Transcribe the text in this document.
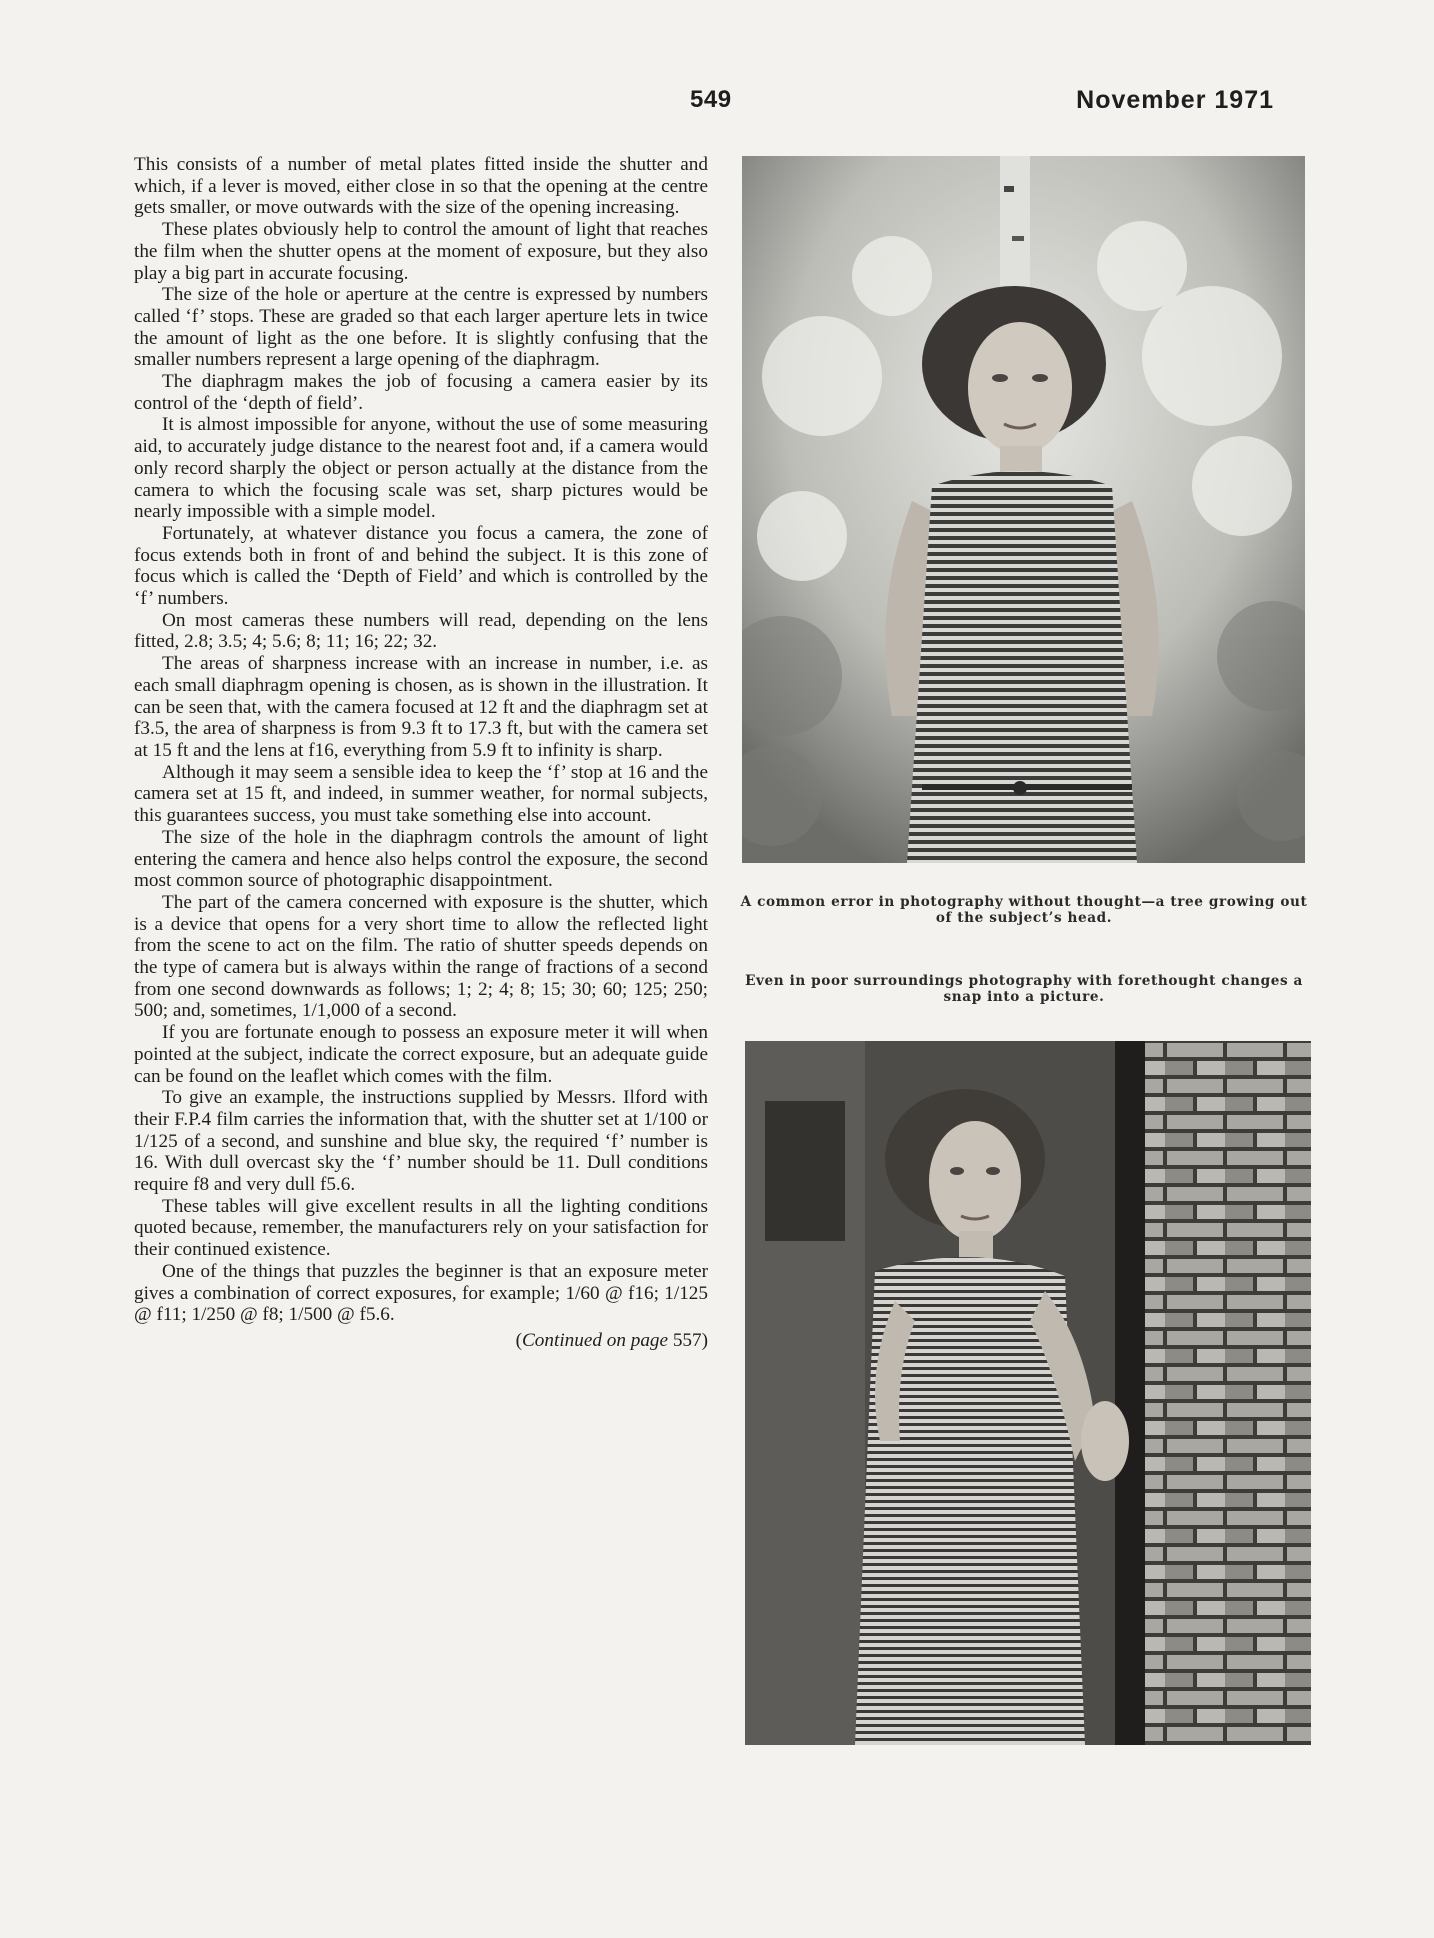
549	November 1971

This consists of a number of metal plates fitted inside the shutter and which, if a lever is moved, either close in so that the opening at the centre gets smaller, or move outwards with the size of the opening increasing.

These plates obviously help to control the amount of light that reaches the film when the shutter opens at the moment of exposure, but they also play a big part in accurate focusing.

The size of the hole or aperture at the centre is expressed by numbers called ‘f’ stops. These are graded so that each larger aperture lets in twice the amount of light as the one before. It is slightly confusing that the smaller numbers represent a large opening of the diaphragm.

The diaphragm makes the job of focusing a camera easier by its control of the ‘depth of field’.

It is almost impossible for anyone, without the use of some measuring aid, to accurately judge distance to the nearest foot and, if a camera would only record sharply the object or person actually at the distance from the camera to which the focusing scale was set, sharp pictures would be nearly impossible with a simple model.

Fortunately, at whatever distance you focus a camera, the zone of focus extends both in front of and behind the subject. It is this zone of focus which is called the ‘Depth of Field’ and which is controlled by the ‘f’ numbers.

On most cameras these numbers will read, depending on the lens fitted, 2.8; 3.5; 4; 5.6; 8; 11; 16; 22; 32.

The areas of sharpness increase with an increase in number, i.e. as each small diaphragm opening is chosen, as is shown in the illustration. It can be seen that, with the camera focused at 12 ft and the diaphragm set at f3.5, the area of sharpness is from 9.3 ft to 17.3 ft, but with the camera set at 15 ft and the lens at f16, everything from 5.9 ft to infinity is sharp.

Although it may seem a sensible idea to keep the ‘f’ stop at 16 and the camera set at 15 ft, and indeed, in summer weather, for normal subjects, this guarantees success, you must take something else into account.

The size of the hole in the diaphragm controls the amount of light entering the camera and hence also helps control the exposure, the second most common source of photographic disappointment.

The part of the camera concerned with exposure is the shutter, which is a device that opens for a very short time to allow the reflected light from the scene to act on the film. The ratio of shutter speeds depends on the type of camera but is always within the range of fractions of a second from one second downwards as follows; 1; 2; 4; 8; 15; 30; 60; 125; 250; 500; and, sometimes, 1/1,000 of a second.

If you are fortunate enough to possess an exposure meter it will when pointed at the subject, indicate the correct exposure, but an adequate guide can be found on the leaflet which comes with the film.

To give an example, the instructions supplied by Messrs. Ilford with their F.P.4 film carries the information that, with the shutter set at 1/100 or 1/125 of a second, and sunshine and blue sky, the required ‘f’ number is 16. With dull overcast sky the ‘f’ number should be 11. Dull conditions require f8 and very dull f5.6.

These tables will give excellent results in all the lighting conditions quoted because, remember, the manufacturers rely on your satisfaction for their continued existence.

One of the things that puzzles the beginner is that an exposure meter gives a combination of correct exposures, for example; 1/60 @ f16; 1/125 @ f11; 1/250 @ f8; 1/500 @ f5.6.

(Continued on page 557)
A common error in photography without thought—a tree growing out of the subject’s head.
Even in poor surroundings photography with forethought changes a snap into a picture.
